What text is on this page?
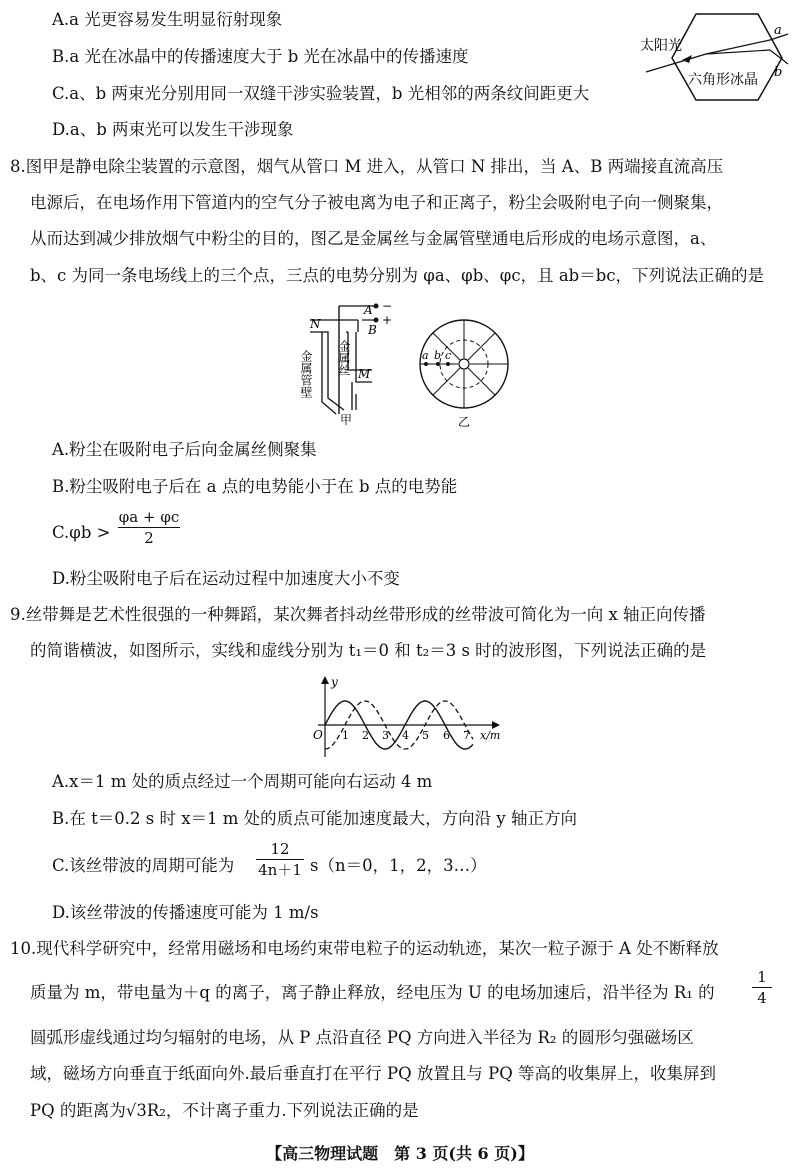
A.a 光更容易发生明显衍射现象
B.a 光在冰晶中的传播速度大于 b 光在冰晶中的传播速度
C.a、b 两束光分别用同一双缝干涉实验装置，b 光相邻的两条纹间距更大
D.a、b 两束光可以发生干涉现象
太阳光
六角形冰晶
a
b
8.图甲是静电除尘装置的示意图，烟气从管口 M 进入，从管口 N 排出，当 A、B 两端接直流高压
电源后，在电场作用下管道内的空气分子被电离为电子和正离子，粉尘会吸附电子向一侧聚集，
从而达到减少排放烟气中粉尘的目的，图乙是金属丝与金属管壁通电后形成的电场示意图，a、
b、c 为同一条电场线上的三个点，三点的电势分别为 φa、φb、φc，且 ab＝bc，下列说法正确的是
−
+
A
B
N
M
金属管壁 金属丝
甲
a b c
乙
A.粉尘在吸附电子后向金属丝侧聚集
B.粉尘吸附电子后在 a 点的电势能小于在 b 点的电势能
C.φb >
φa + φc
2
D.粉尘吸附电子后在运动过程中加速度大小不变
9.丝带舞是艺术性很强的一种舞蹈，某次舞者抖动丝带形成的丝带波可简化为一向 x 轴正向传播
的简谐横波，如图所示，实线和虚线分别为 t₁＝0 和 t₂＝3 s 时的波形图，下列说法正确的是
y
O	x/m
1 2 3 4 5 6 7
A.x＝1 m 处的质点经过一个周期可能向右运动 4 m
B.在 t＝0.2 s 时 x＝1 m 处的质点可能加速度最大，方向沿 y 轴正方向
C.该丝带波的周期可能为
12
4n＋1 s（n＝0，1，2，3…）
D.该丝带波的传播速度可能为 1 m/s
10.现代科学研究中，经常用磁场和电场约束带电粒子的运动轨迹，某次一粒子源于 A 处不断释放
质量为 m，带电量为＋q 的离子，离子静止释放，经电压为 U 的电场加速后，沿半径为 R₁ 的
1
4
圆弧形虚线通过均匀辐射的电场，从 P 点沿直径 PQ 方向进入半径为 R₂ 的圆形匀强磁场区
域，磁场方向垂直于纸面向外.最后垂直打在平行 PQ 放置且与 PQ 等高的收集屏上，收集屏到
PQ 的距离为√3R₂，不计离子重力.下列说法正确的是
【高三物理试题　第 3 页(共 6 页)】
